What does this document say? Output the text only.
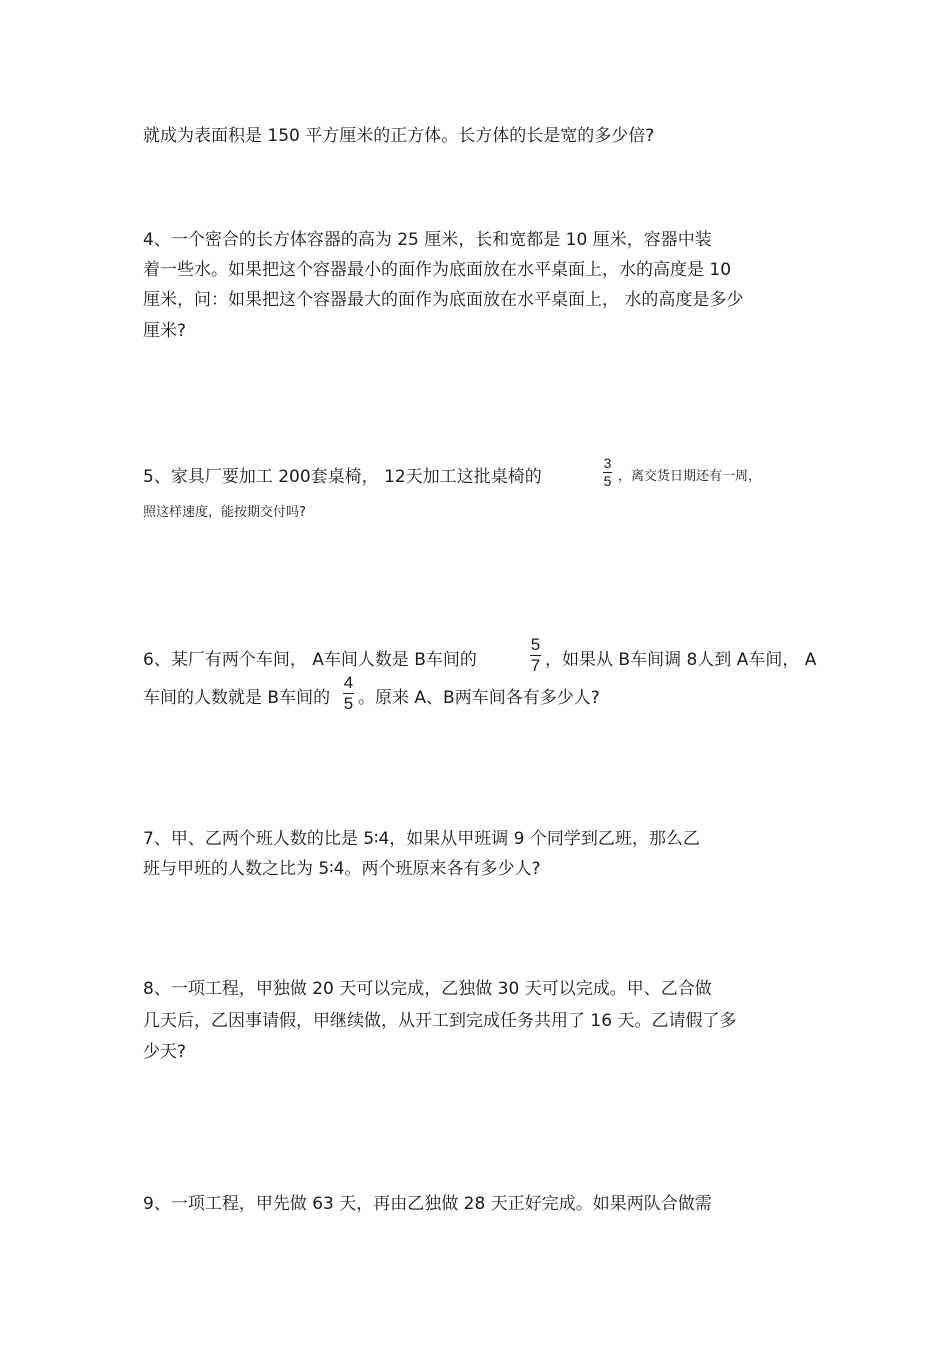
就成为表面积是 150 平方厘米的正方体。长方体的长是宽的多少倍?
4、一个密合的长方体容器的高为 25 厘米，长和宽都是 10 厘米，容器中装
着一些水。如果把这个容器最小的面作为底面放在水平桌面上，水的高度是 10
厘米，问：如果把这个容器最大的面作为底面放在水平桌面上， 水的高度是多少
厘米?
5、家具厂要加工 200套桌椅， 12天加工这批桌椅的
3
5 ，离交货日期还有一周，
照这样速度，能按期交付吗?
6、某厂有两个车间， A车间人数是 B车间的
5
7 ，如果从 B车间调 8人到 A车间， A
车间的人数就是 B车间的
4
5 。原来 A、B两车间各有多少人?
7、甲、乙两个班人数的比是 5∶4，如果从甲班调 9 个同学到乙班，那么乙
班与甲班的人数之比为 5∶4。两个班原来各有多少人?
8、一项工程，甲独做 20 天可以完成，乙独做 30 天可以完成。甲、乙合做
几天后，乙因事请假，甲继续做，从开工到完成任务共用了 16 天。乙请假了多
少天?
9、一项工程，甲先做 63 天，再由乙独做 28 天正好完成。如果两队合做需
